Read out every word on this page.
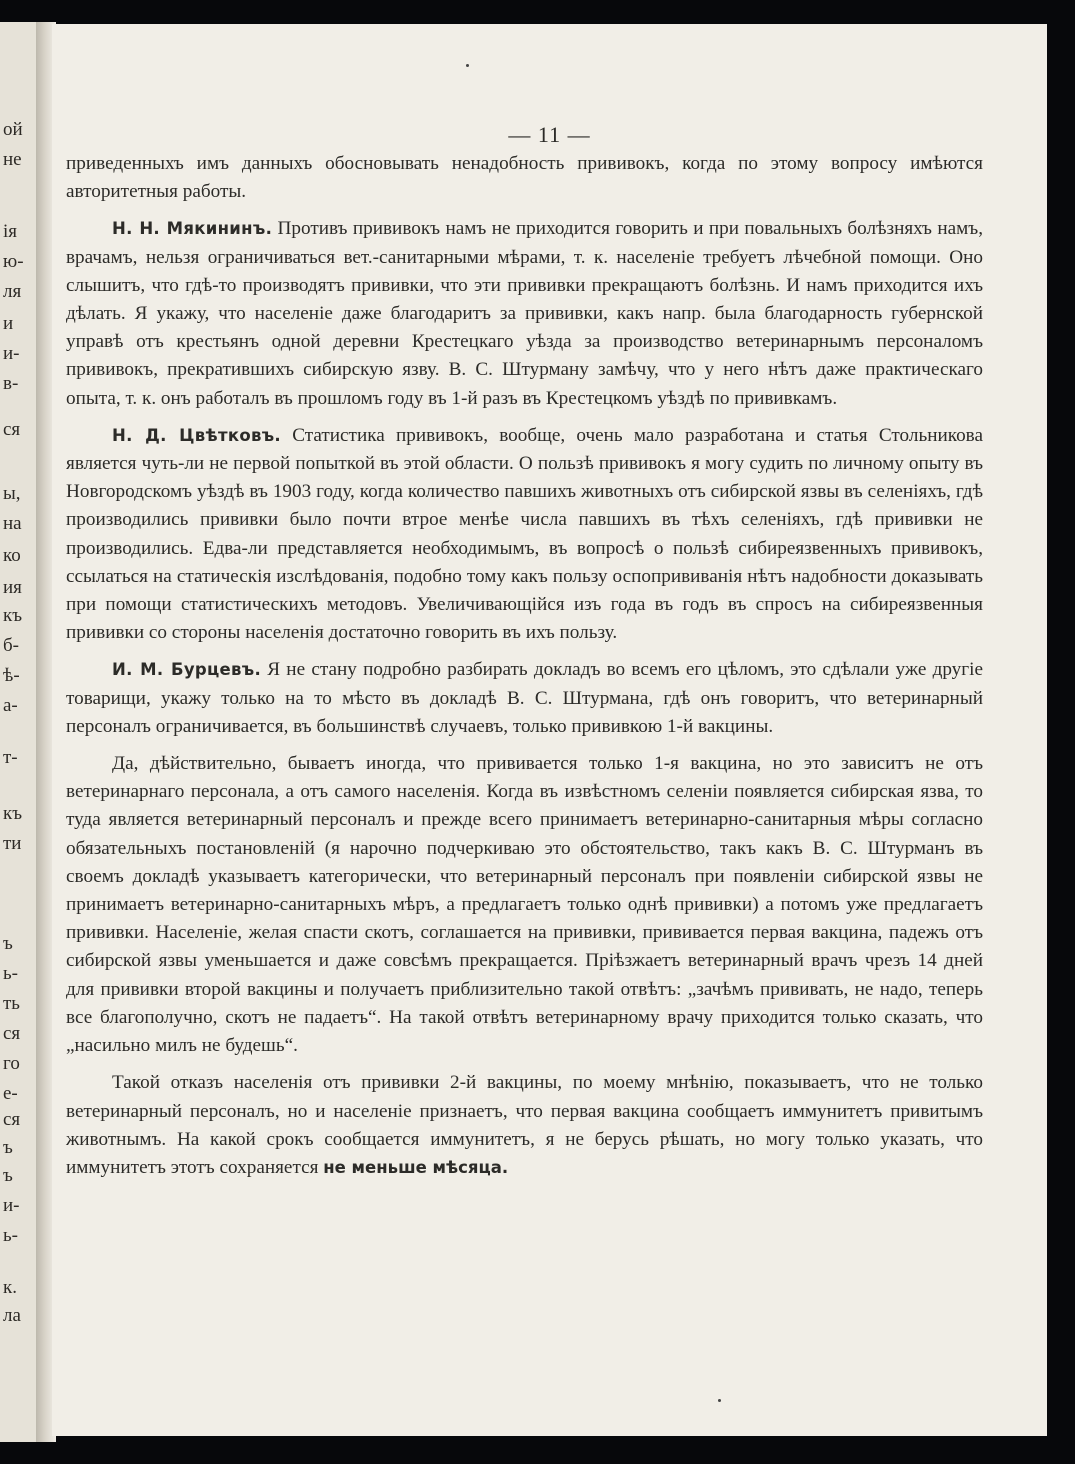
ой
не
ія
ю-
ля
и
и-
в-
ся
ы,
на
ко
ия
къ
б-
ѣ-
а-
т-
къ
ти
ъ
ь-
ть
ся
го
е-
ся
ъ
ъ
и-
ь-
к.
ла
— 11 —

приведенныхъ имъ данныхъ обосновывать ненадобность прививокъ, когда по этому вопросу имѣются авторитетныя работы.

Н. Н. Мякининъ. Противъ прививокъ намъ не приходится говорить и при повальныхъ болѣзняхъ намъ, врачамъ, нельзя ограничиваться вет.-санитарными мѣрами, т. к. населеніе требуетъ лѣчебной помощи. Оно слышитъ, что гдѣ-то производятъ прививки, что эти прививки прекращаютъ болѣзнь. И намъ приходится ихъ дѣлать. Я укажу, что населеніе даже благодаритъ за прививки, какъ напр. была благодарность губернской управѣ отъ крестьянъ одной деревни Крестецкаго уѣзда за производство ветеринарнымъ персоналомъ прививокъ, прекратившихъ сибирскую язву. В. С. Штурману замѣчу, что у него нѣтъ даже практическаго опыта, т. к. онъ работалъ въ прошломъ году въ 1-й разъ въ Крестецкомъ уѣздѣ по прививкамъ.

Н. Д. Цвѣтковъ. Статистика прививокъ, вообще, очень мало разработана и статья Стольникова является чуть-ли не первой попыткой въ этой области. О пользѣ прививокъ я могу судить по личному опыту въ Новгородскомъ уѣздѣ въ 1903 году, когда количество павшихъ животныхъ отъ сибирской язвы въ селеніяхъ, гдѣ производились прививки было почти втрое менѣе числа павшихъ въ тѣхъ селеніяхъ, гдѣ прививки не производились. Едва-ли представляется необходимымъ, въ вопросѣ о пользѣ сибиреязвенныхъ прививокъ, ссылаться на статическія изслѣдованія, подобно тому какъ пользу оспопрививанія нѣтъ надобности доказывать при помощи статистическихъ методовъ. Увеличивающійся изъ года въ годъ въ спросъ на сибиреязвенныя прививки со стороны населенія достаточно говорить въ ихъ пользу.

И. М. Бурцевъ. Я не стану подробно разбирать докладъ во всемъ его цѣломъ, это сдѣлали уже другіе товарищи, укажу только на то мѣсто въ докладѣ В. С. Штурмана, гдѣ онъ говоритъ, что ветеринарный персоналъ ограничивается, въ большинствѣ случаевъ, только прививкою 1-й вакцины.

Да, дѣйствительно, бываетъ иногда, что прививается только 1-я вакцина, но это зависитъ не отъ ветеринарнаго персонала, а отъ самого населенія. Когда въ извѣстномъ селеніи появляется сибирская язва, то туда является ветеринарный персоналъ и прежде всего принимаетъ ветеринарно-санитарныя мѣры согласно обязательныхъ постановленій (я нарочно подчеркиваю это обстоятельство, такъ какъ В. С. Штурманъ въ своемъ докладѣ указываетъ категорически, что ветеринарный персоналъ при появленіи сибирской язвы не принимаетъ ветеринарно-санитарныхъ мѣръ, а предлагаетъ только однѣ прививки) а потомъ уже предлагаетъ прививки. Населеніе, желая спасти скотъ, соглашается на прививки, прививается первая вакцина, падежъ отъ сибирской язвы уменьшается и даже совсѣмъ прекращается. Пріѣзжаетъ ветеринарный врачъ чрезъ 14 дней для прививки второй вакцины и получаетъ приблизительно такой отвѣтъ: „зачѣмъ прививать, не надо, теперь все благополучно, скотъ не падаетъ“. На такой отвѣтъ ветеринарному врачу приходится только сказать, что „насильно милъ не будешь“.

Такой отказъ населенія отъ прививки 2-й вакцины, по моему мнѣнію, показываетъ, что не только ветеринарный персоналъ, но и населеніе признаетъ, что первая вакцина сообщаетъ иммунитетъ привитымъ животнымъ. На какой срокъ сообщается иммунитетъ, я не берусь рѣшать, но могу только указать, что иммунитетъ этотъ сохраняется не меньше мѣсяца.
